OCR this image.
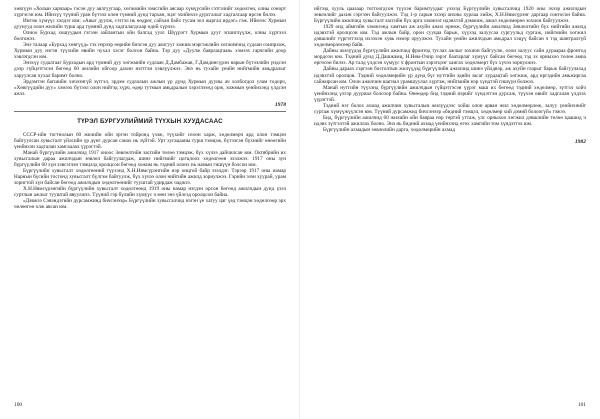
хөвгүүн «Холын харчаар» гэсэн дуу аялгуугаар, хөгжмийн зэмсгийн аясаар хүмүүсийн сэтгэлийг хөдөлгөн, олны сонорт хүргэсэн юм. Ийнхүү түүний уран бүтээл олон түмний дунд тархан, эцэг эхийнхээ дурсгалыг хадгалсаар ирсэн билээ.

Ингэж хүмүүс хэлдэг юм: «Аяыг дуулж, сэтгэл нь өөдрөг, сайхан байх тусам зол жаргал ирдэг» гэж. Иймээс Хурмын дуунууд олон жилийн турш ард түмний дунд хадгалагдсаар өдий хүрчээ.

Олноо Бурхад хошуудын гэгээн зайлантын ойн балгад уулс Шүүрэгт Хурмын дууг эгшиглүүлж, олны хүртээл болгожээ.

Энэ талаар «Бурхад хөвгүүд» гэх нэрээр өөрийн бичсэн дуу аялгууг хожим мэргэжлийн хөгжимчид судлан сонирхож, Хурмын дуу нэгэн түүхийн өвийн чухал хэсэг болсон байна. Тэр дуу «Дуулж баярлацгаая» хэмээх гарчгийн доор хэвлэгдсэн юм.

Энэхүү судалгааг Бурхадын ард түмний дуу хөгжмийн судлаач Д.Дамбажав, Г.Дамдинсүрэн нарын бүтээлийн үндсэн дээр гүйцэтгэсэн бөгөөд 60 жилийн ойгоор дахин нэгтгэн хэвлүүлжээ. Энэ нь тухайн үеийн нийгмийн амьдралыг харуулсан чухал баримт болно.

Эрдэмтэн багшийн хичээнгүй зүтгэл, эрдэм судлалын ажлын үр дүнд Хурмын дууны ач холбогдол улам тодорч, «Хөвгүүдийн дуу» хэмээх бүтээл олон нийтэд хүрч, өдөр тутмын амьдралын хэрэглээнд орж, хожмын үеийнхэнд үлдсэн ажээ.

1978

ТҮРЭЛ БУРГУУЛИЙМИЙ ТҮҮХЫН ХУУДАСААС

СССР-ийн тогтнолын 60 жилийн ойн эргэн тойронд үзэж, түүхийг сөхөн харж, хөдөлмөрч ард олон тэмцэн байгуулсан хувьсгалт үйлсийн үр дүнг дурсан санах нь зүйтэй. Урт хугацааны турш тэмцэж, бүтээсэн бүхнийг өнөөгийн үеийнхэн хадгалан хамгаалах үүрэгтэй.

Манай бүргүүлийн ажилчид 1917 оноос Зөвлөлтийн засгийн төлөө тэмцэж, бүх хүчээ дайчилсан юм. Октябрийн их хувьсгалын дараа ажилчдын зөвлөл байгуулагдаж, шинэ нийгмийг цогцлоох хөдөлгөөн эхэлжээ. 1917 оны зун бүргүүлийн 60 хүн зэвсэглэн тэмцэлд оролцсон бөгөөд хожим нь тэдний олонх нь намын гишүүн болсон юм.

Бүргүүлийн хувьсгалт хөдөлгөөний түүхэнд Х.Н.Нямсүрэнгийн нэр онцгой байр эзэлдэг. Тэрээр 1917 оны намар Нарнын бүсийн тосгонд хувьсгалт бүлгэм байгуулж, бүх хүчээ олон нийтийн ажилд зориулжээ. Гэрийн эзэн хуурай, урам зоригтой хүн байсан бөгөөд ажилчдын хөдөлгөөнийг тууштай удирдаж чаджээ.

Х.Н.Нямсүрэнгийн бүргүүлийн хувьсгалт хөдөлгөөнд 1919 оны намар нэгдэн орсон бөгөөд ажилчдын дунд үзэл суртлын ажлыг тууштай явуулжээ. Түүний гэр бүлийн хүмүүс ч мөн энэ үйлсэд оролцсон байна.

«Дэвжээ Сэвэндэгийн дурсамжинд бичсэнээр» Бүргүүлийн хувьсгалчид нэгэн үе хатуу цаг үед тэмцэн хөдөлсөөр эрх чөлөөгөө олж авсан юм.

100

ийгээд хууль цаазаар тогтоогдсон түүхэн баримтуудыг үзэхэд Бүргүүлийн хувьсгалчид 1920 оны эхээр ажилчдын зөвлөлийг дахин сэргээн байгуулжээ. Тэд 1-р сарын эхээр анхны хурлаа хийж, Х.Н.Нямсүрэнг даргаар сонгосон байна. Бүргүүлийн ажилчид хувьсгалт засгийн бүх арга хэмжээг идэвхтэй дэмжиж, ажил хөдөлмөрөө зохион байгуулжээ.

1929 онд аймгийн хэмжээнд хамтын аж ахуйн ажил өрнөж, бүргүүлийн ажилчид Зөвлөлтийн бүх нийтийн ажилд идэвхтэй оролцсон юм. Тэд ажлын байр, орон сууцаа барьж, хүүхэд залуусаа сургуульд сургаж, нийгмийн хөгжил дэвшлийг түргэтгэхэд ихээхэн хувь нэмэр оруулжээ. Тухайн үеийн ажилчдын амьдрал хэцүү байсан ч тэд шантралгүй хөдөлмөрлөсөөр байв.

Дайны жилүүдэд бүргүүлийн ажилчид фронтод туслах ажлыг зохион байгуулж, олон залуус сайн дураараа фронтод мордсон юм. Тэдний дунд Д.Дашжамц, Н.Ням-Очир зэрэг баатарлаг хүмүүс байсан бөгөөд тэд эх орныхоо төлөө амиа өргөсөн билээ. Ар талд үлдсэн хүмүүс ч фронтын хэрэгцээг хангах хөдөлмөрт бүх хүчээ зориулжээ.

Дайны дараах сэргээн босголтын жилүүдэд бүргүүлийн ажилчид шинэ үйлдвэр, аж ахуйн газрыг барьж байгуулахад идэвхтэй оролцов. Тэдний хөдөлмөрийн үр дүнд бүс нутгийн эдийн засаг хурдацтай хөгжиж, ард иргэдийн амьжиргаа сайжирсан юм. Олон ажилчин шагнал урамшуулал хүртэж, нийгмийн нэр хүндтэй гишүүн болжээ.

Манай нутгийн түүхэнд бүргүүлийн ажилчдын гүйцэтгэсэн үүрэг маш их бөгөөд тэдний хөдөлмөр, зүтгэл хойч үеийнхэнд үлгэр дууриал болсоор байна. Өнөөдөр бид тэдний нэрийг хүндэтгэн дурсаж, түүхэн өвийг хадгалан үлдээх үүрэгтэй.

Тэдний нэг болох ахмад ажилчин хувьсгалын жилүүдээс хойш олон арван жил хөдөлмөрлөж, залуу үеийнхнийг сургаж хүмүүжүүлсэн юм. Түүний дурсамжид бичсэнээр «бидний тэмцэл, хөдөлмөр хий дэмий болоогүй» гэжээ.

Бид, бүргүүлийн ажилчид 60 жилийн ойн баяраа нэр төртэй угтаж, улс орныхоо хөгжил дэвшлийн төлөө цаашид ч идэвх зүтгэлтэй ажиллах болно. Энэ нь бидний ахмад үеийнхэнд өгөх хамгийн том хүндэтгэл юм.

Бүргүүлийн ахмадын зөвлөлийн дарга, хөдөлмөрийн ахмад

1982

101
